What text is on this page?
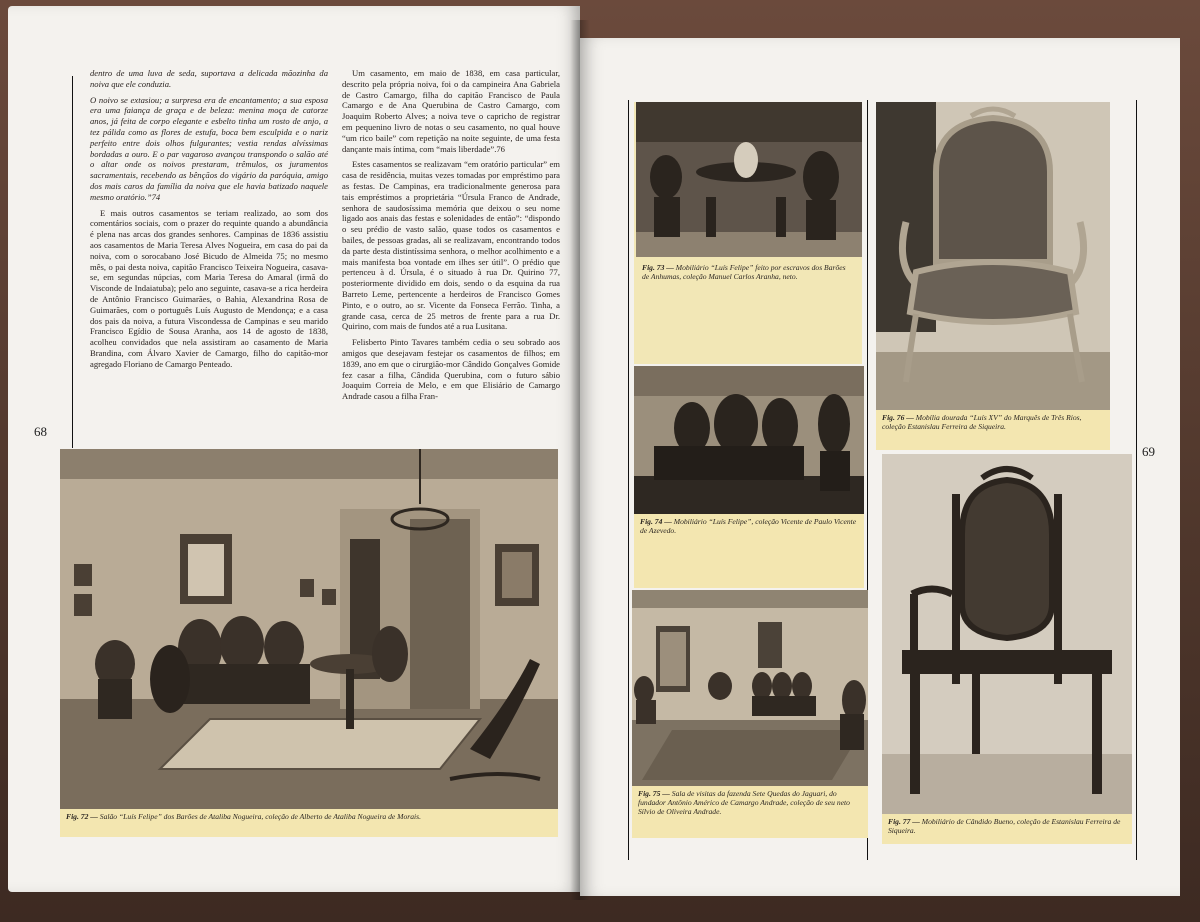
dentro de uma luva de seda, suportava a delicada mãozinha da noiva que ele conduzia.

O noivo se extasiou; a surpresa era de encantamento; a sua esposa era uma faiança de graça e de beleza: menina moça de catorze anos, já feita de corpo elegante e esbelto tinha um rosto de anjo, a tez pálida como as flores de estufa, boca bem esculpida e o nariz perfeito entre dois olhos fulgurantes; vestia rendas alvíssimas bordadas a ouro. E o par vagaroso avançou transpondo o salão até o altar onde os noivos prestaram, trêmulos, os juramentos sacramentais, recebendo as bênçãos do vigário da paróquia, amigo dos mais caros da família da noiva que ele havia batizado naquele mesmo oratório.”74

E mais outros casamentos se teriam realizado, ao som dos comentários sociais, com o prazer do requinte quando a abundância é plena nas arcas dos grandes senhores. Campinas de 1836 assistiu aos casamentos de Maria Teresa Alves Nogueira, em casa do pai da noiva, com o sorocabano José Bicudo de Almeida 75; no mesmo mês, o pai desta noiva, capitão Francisco Teixeira Nogueira, casava-se, em segundas núpcias, com Maria Teresa do Amaral (irmã do Visconde de Indaiatuba); pelo ano seguinte, casava-se a rica herdeira de Antônio Francisco Guimarães, o Bahia, Alexandrina Rosa de Guimarães, com o português Luís Augusto de Mendonça; e a casa dos pais da noiva, a futura Viscondessa de Campinas e seu marido Francisco Egídio de Sousa Aranha, aos 14 de agosto de 1838, acolheu convidados que nela assistiram ao casamento de Maria Brandina, com Álvaro Xavier de Camargo, filho do capitão-mor agregado Floriano de Camargo Penteado.

Um casamento, em maio de 1838, em casa particular, descrito pela própria noiva, foi o da campineira Ana Gabriela de Castro Camargo, filha do capitão Francisco de Paula Camargo e de Ana Querubina de Castro Camargo, com Joaquim Roberto Alves; a noiva teve o capricho de registrar em pequenino livro de notas o seu casamento, no qual houve “um rico baile” com repetição na noite seguinte, de uma festa dançante mais íntima, com “mais liberdade”.76

Estes casamentos se realizavam “em oratório particular” em casa de residência, muitas vezes tomadas por empréstimo para as festas. De Campinas, era tradicionalmente generosa para tais empréstimos a proprietária “Úrsula Franco de Andrade, senhora de saudosíssima memória que deixou o seu nome ligado aos anais das festas e solenidades de então”: “dispondo o seu prédio de vasto salão, quase todos os casamentos e bailes, de pessoas gradas, ali se realizavam, encontrando todos da parte desta distintíssima senhora, o melhor acolhimento e a mais manifesta boa vontade em ilhes ser útil”. O prédio que pertenceu à d. Úrsula, é o situado à rua Dr. Quirino 77, posteriormente dividido em dois, sendo o da esquina da rua Barreto Leme, pertencente a herdeiros de Francisco Gomes Pinto, e o outro, ao sr. Vicente da Fonseca Ferrão. Tinha, a grande casa, cerca de 25 metros de frente para a rua Dr. Quirino, com mais de fundos até a rua Lusitana.

Felisberto Pinto Tavares também cedia o seu sobrado aos amigos que desejavam festejar os casamentos de filhos; em 1839, ano em que o cirurgião-mor Cândido Gonçalves Gomide fez casar a filha, Cândida Querubina, com o futuro sábio Joaquim Correia de Melo, e em que Elisiário de Camargo Andrade casou a filha Fran-

68
Fig. 72 — Salão “Luís Felipe” dos Barões de Ataliba Nogueira, coleção de Alberto de Ataliba Nogueira de Morais.
69
Fig. 73 — Mobiliário “Luís Felipe” feito por escravos dos Barões de Anhumas, coleção Manuel Carlos Aranha, neto.
Fig. 74 — Mobiliário “Luís Felipe”, coleção Vicente de Paulo Vicente de Azevedo.
Fig. 75 — Sala de visitas da fazenda Sete Quedas do Jaguari, do fundador Antônio Américo de Camargo Andrade, coleção de seu neto Sílvio de Oliveira Andrade.
Fig. 76 — Mobília dourada “Luís XV” do Marquês de Três Rios, coleção Estanislau Ferreira de Siqueira.
Fig. 77 — Mobiliário de Cândido Bueno, coleção de Estanislau Ferreira de Siqueira.
